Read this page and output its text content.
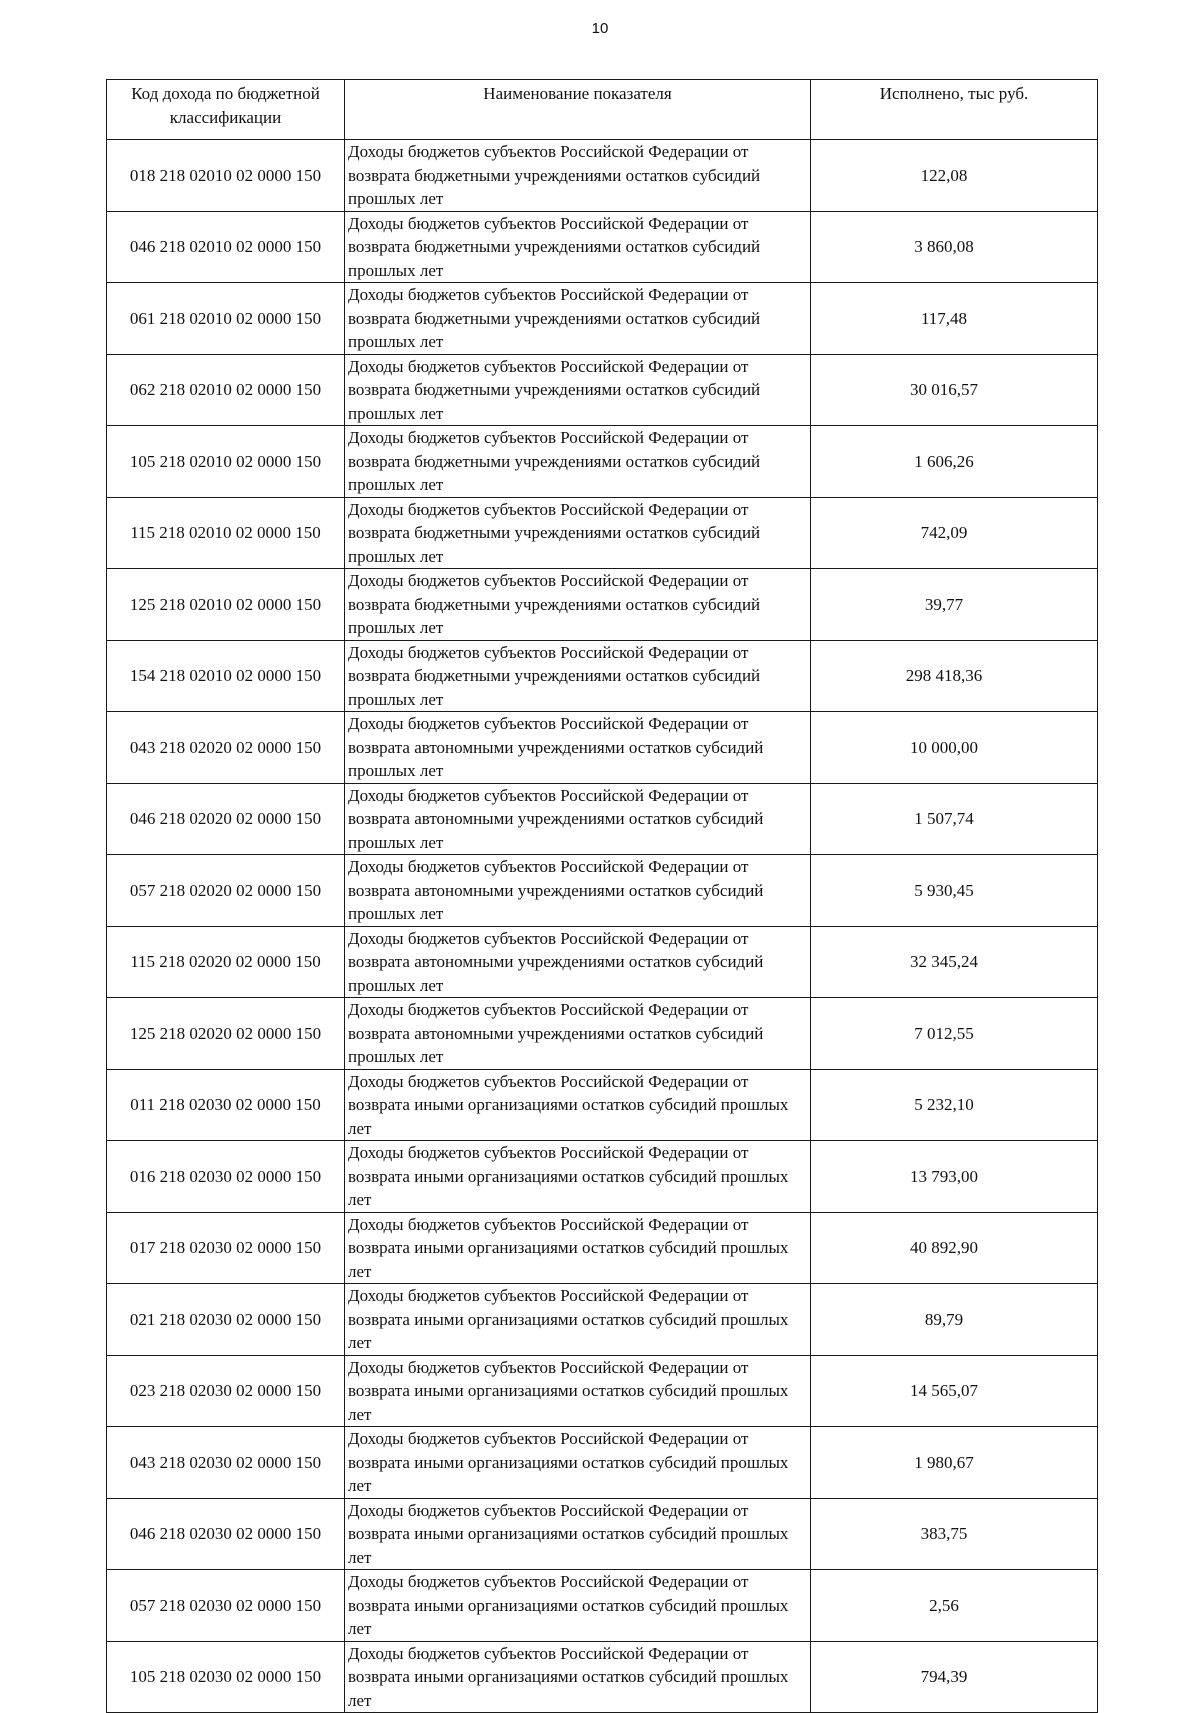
10
Код дохода по бюджетной классификации	Наименование показателя	Исполнено, тыс руб.
018 218 02010 02 0000 150	Доходы бюджетов субъектов Российской Федерации от возврата бюджетными учреждениями остатков субсидий прошлых лет	122,08
046 218 02010 02 0000 150	Доходы бюджетов субъектов Российской Федерации от возврата бюджетными учреждениями остатков субсидий прошлых лет	3 860,08
061 218 02010 02 0000 150	Доходы бюджетов субъектов Российской Федерации от возврата бюджетными учреждениями остатков субсидий прошлых лет	117,48
062 218 02010 02 0000 150	Доходы бюджетов субъектов Российской Федерации от возврата бюджетными учреждениями остатков субсидий прошлых лет	30 016,57
105 218 02010 02 0000 150	Доходы бюджетов субъектов Российской Федерации от возврата бюджетными учреждениями остатков субсидий прошлых лет	1 606,26
115 218 02010 02 0000 150	Доходы бюджетов субъектов Российской Федерации от возврата бюджетными учреждениями остатков субсидий прошлых лет	742,09
125 218 02010 02 0000 150	Доходы бюджетов субъектов Российской Федерации от возврата бюджетными учреждениями остатков субсидий прошлых лет	39,77
154 218 02010 02 0000 150	Доходы бюджетов субъектов Российской Федерации от возврата бюджетными учреждениями остатков субсидий прошлых лет	298 418,36
043 218 02020 02 0000 150	Доходы бюджетов субъектов Российской Федерации от возврата автономными учреждениями остатков субсидий прошлых лет	10 000,00
046 218 02020 02 0000 150	Доходы бюджетов субъектов Российской Федерации от возврата автономными учреждениями остатков субсидий прошлых лет	1 507,74
057 218 02020 02 0000 150	Доходы бюджетов субъектов Российской Федерации от возврата автономными учреждениями остатков субсидий прошлых лет	5 930,45
115 218 02020 02 0000 150	Доходы бюджетов субъектов Российской Федерации от возврата автономными учреждениями остатков субсидий прошлых лет	32 345,24
125 218 02020 02 0000 150	Доходы бюджетов субъектов Российской Федерации от возврата автономными учреждениями остатков субсидий прошлых лет	7 012,55
011 218 02030 02 0000 150	Доходы бюджетов субъектов Российской Федерации от возврата иными организациями остатков субсидий прошлых лет	5 232,10
016 218 02030 02 0000 150	Доходы бюджетов субъектов Российской Федерации от возврата иными организациями остатков субсидий прошлых лет	13 793,00
017 218 02030 02 0000 150	Доходы бюджетов субъектов Российской Федерации от возврата иными организациями остатков субсидий прошлых лет	40 892,90
021 218 02030 02 0000 150	Доходы бюджетов субъектов Российской Федерации от возврата иными организациями остатков субсидий прошлых лет	89,79
023 218 02030 02 0000 150	Доходы бюджетов субъектов Российской Федерации от возврата иными организациями остатков субсидий прошлых лет	14 565,07
043 218 02030 02 0000 150	Доходы бюджетов субъектов Российской Федерации от возврата иными организациями остатков субсидий прошлых лет	1 980,67
046 218 02030 02 0000 150	Доходы бюджетов субъектов Российской Федерации от возврата иными организациями остатков субсидий прошлых лет	383,75
057 218 02030 02 0000 150	Доходы бюджетов субъектов Российской Федерации от возврата иными организациями остатков субсидий прошлых лет	2,56
105 218 02030 02 0000 150	Доходы бюджетов субъектов Российской Федерации от возврата иными организациями остатков субсидий прошлых лет	794,39
